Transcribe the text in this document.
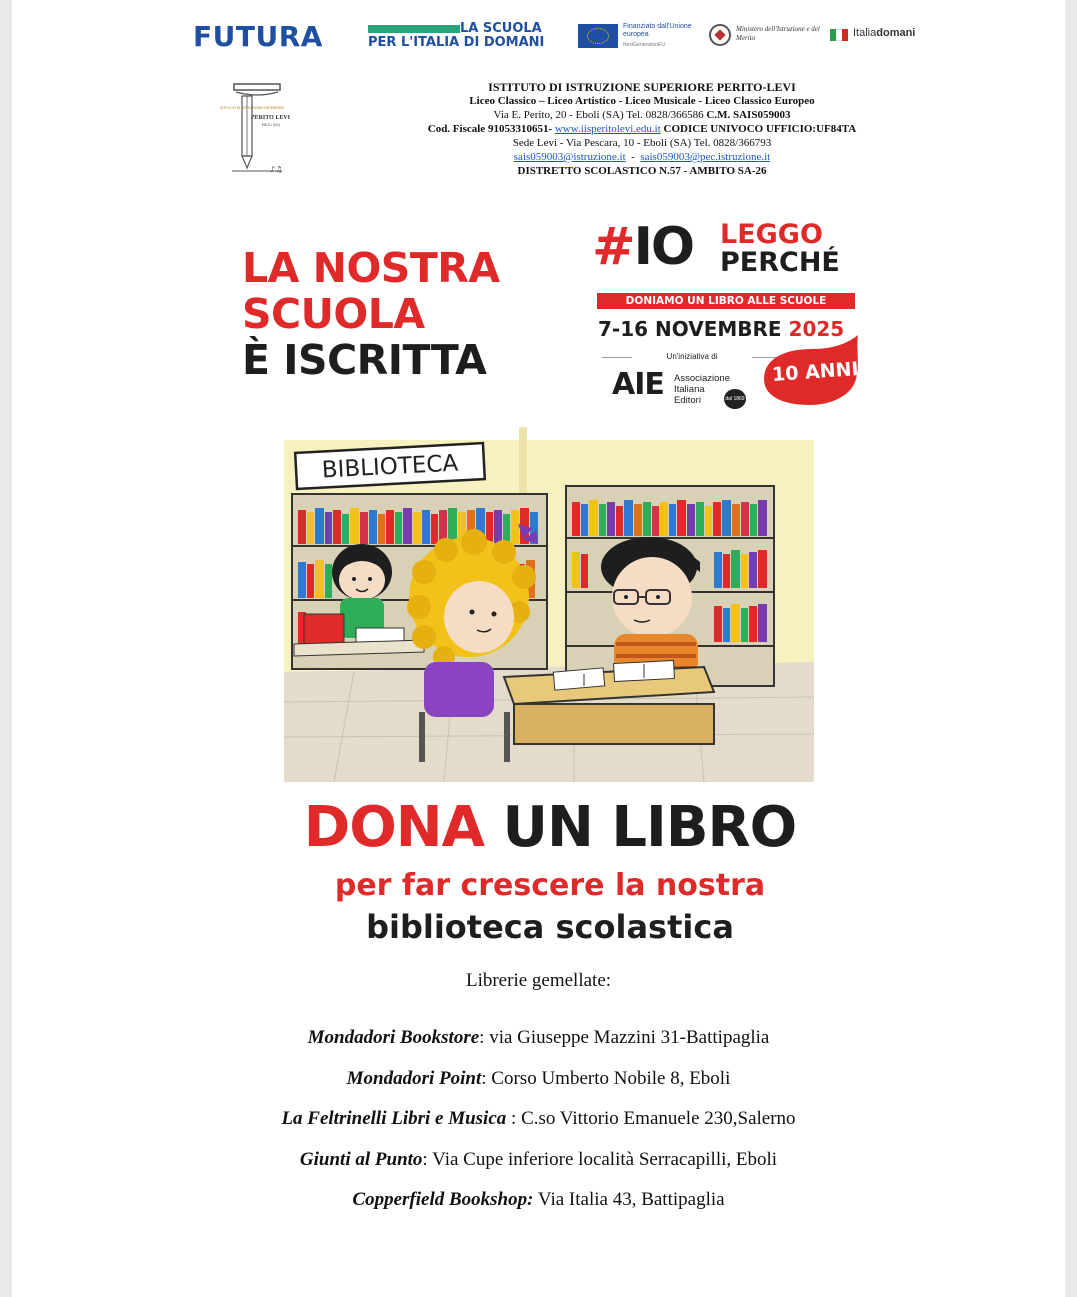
FUTURA	LA SCUOLA
PER L'ITALIA DI DOMANI
Finanziato dall'Unione europea
NextGenerationEU
Ministero dell'Istruzione e del Merito	Italiadomani
ISTITUTO DI ISTRUZIONE SUPERIORE
PERITO LEVI
EBOLI (SA)
♪♫
ISTITUTO DI ISTRUZIONE SUPERIORE PERITO-LEVI
Liceo Classico – Liceo Artistico - Liceo Musicale - Liceo Classico Europeo
Via E. Perito, 20 - Eboli (SA) Tel. 0828/366586 C.M. SAIS059003
Cod. Fiscale 91053310651- www.iisperitolevi.edu.it CODICE UNIVOCO UFFICIO:UF84TA
Sede Levi - Via Pescara, 10 - Eboli (SA) Tel. 0828/366793
sais059003@istruzione.it  -  sais059003@pec.istruzione.it
DISTRETTO SCOLASTICO N.57 - AMBITO SA-26
LA NOSTRA
SCUOLA
È ISCRITTA
#IO LEGGO
PERCHÉ
DONIAMO UN LIBRO ALLE SCUOLE
7-16 NOVEMBRE 2025
Un'iniziativa di
AIE Associazione
Italiana
Editori	dal 1869
10 ANNI
BIBLIOTECA
DONA UN LIBRO
per far crescere la nostra
biblioteca scolastica
Librerie gemellate:
Mondadori Bookstore: via Giuseppe Mazzini 31-Battipaglia
Mondadori Point: Corso Umberto Nobile 8, Eboli
La Feltrinelli Libri e Musica : C.so Vittorio Emanuele 230,Salerno
Giunti al Punto: Via Cupe inferiore località Serracapilli, Eboli
Copperfield Bookshop: Via Italia 43, Battipaglia
